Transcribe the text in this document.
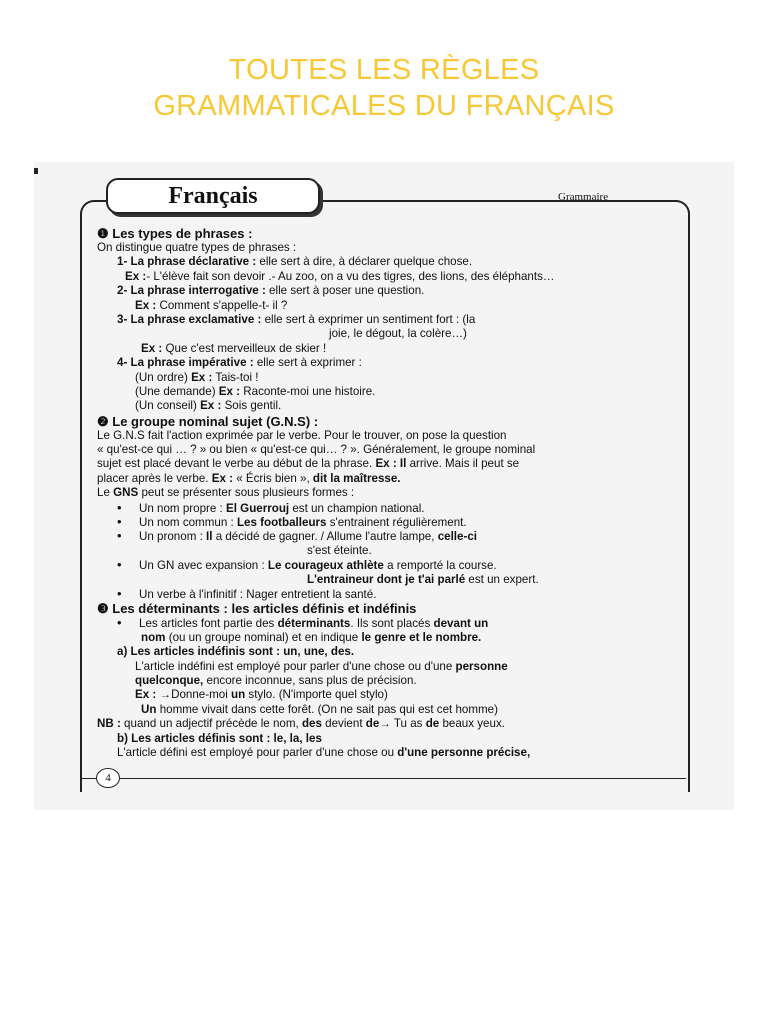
TOUTES LES RÈGLES
GRAMMATICALES DU FRANÇAIS
Français	Grammaire
❶ Les types de phrases :
On distingue quatre types de phrases :
1- La phrase déclarative : elle sert à dire, à déclarer quelque chose.
Ex :- L'élève fait son devoir .- Au zoo, on a vu des tigres, des lions, des éléphants…
2- La phrase interrogative : elle sert à poser une question.
Ex : Comment s'appelle-t- il ?
3- La phrase exclamative : elle sert à exprimer un sentiment fort : (la
joie, le dégout, la colère…)
Ex : Que c'est merveilleux de skier !
4- La phrase impérative : elle sert à exprimer :
(Un ordre) Ex : Tais-toi !
(Une demande) Ex : Raconte-moi une histoire.
(Un conseil) Ex : Sois gentil.
❷ Le groupe nominal sujet (G.N.S) :
Le G.N.S fait l'action exprimée par le verbe. Pour le trouver, on pose la question
« qu'est-ce qui … ? » ou bien « qu'est-ce qui… ? ». Généralement, le groupe nominal
sujet est placé devant le verbe au début de la phrase. Ex : Il arrive. Mais il peut se
placer après le verbe. Ex : « Écris bien », dit la maîtresse.
Le GNS peut se présenter sous plusieurs formes :
• Un nom propre : El Guerrouj est un champion national.
• Un nom commun : Les footballeurs s'entrainent régulièrement.
• Un pronom : Il a décidé de gagner. / Allume l'autre lampe, celle-ci
s'est éteinte.
• Un GN avec expansion : Le courageux athlète a remporté la course.
L'entraineur dont je t'ai parlé est un expert.
• Un verbe à l'infinitif : Nager entretient la santé.
❸ Les déterminants : les articles définis et indéfinis
• Les articles font partie des déterminants. Ils sont placés devant un
nom (ou un groupe nominal) et en indique le genre et le nombre.
a) Les articles indéfinis sont : un, une, des.
L'article indéfini est employé pour parler d'une chose ou d'une personne
quelconque, encore inconnue, sans plus de précision.
Ex : →Donne-moi un stylo. (N'importe quel stylo)
Un homme vivait dans cette forêt. (On ne sait pas qui est cet homme)
NB : quand un adjectif précède le nom, des devient de→ Tu as de beaux yeux.
b) Les articles définis sont : le, la, les
L'article défini est employé pour parler d'une chose ou d'une personne précise,
4
